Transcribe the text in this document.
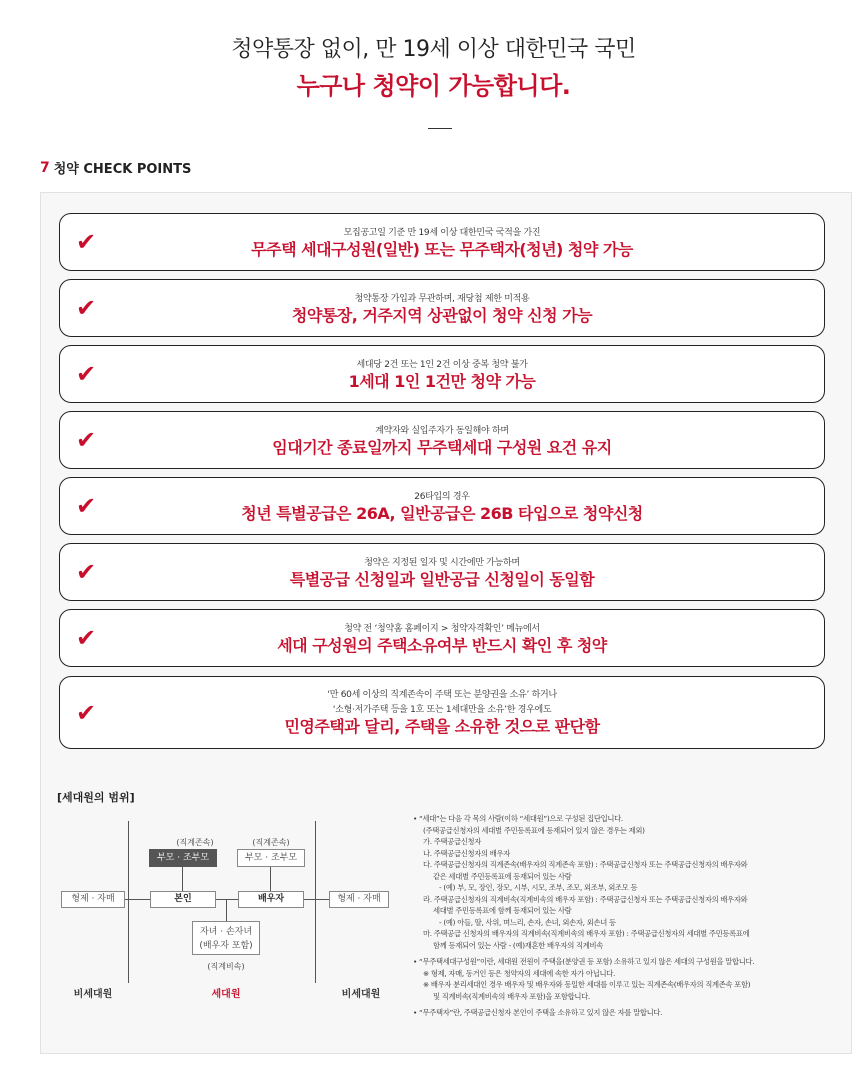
청약통장 없이, 만 19세 이상 대한민국 국민
누구나 청약이 가능합니다.
7 청약 CHECK POINTS
✔	모집공고일 기준 만 19세 이상 대한민국 국적을 가진
무주택 세대구성원(일반) 또는 무주택자(청년) 청약 가능
✔	청약통장 가입과 무관하며, 재당첨 제한 미적용
청약통장, 거주지역 상관없이 청약 신청 가능
✔	세대당 2건 또는 1인 2건 이상 중복 청약 불가
1세대 1인 1건만 청약 가능
✔	계약자와 실입주자가 동일해야 하며
임대기간 종료일까지 무주택세대 구성원 요건 유지
✔	26타입의 경우
청년 특별공급은 26A, 일반공급은 26B 타입으로 청약신청
✔	청약은 지정된 일자 및 시간에만 가능하며
특별공급 신청일과 일반공급 신청일이 동일함
✔	청약 전 ‘청약홈 홈페이지 > 청약자격확인’ 메뉴에서
세대 구성원의 주택소유여부 반드시 확인 후 청약
✔
‘만 60세 이상의 직계존속이 주택 또는 분양권을 소유’ 하거나
‘소형·저가주택 등을 1호 또는 1세대만을 소유’한 경우에도
민영주택과 달리, 주택을 소유한 것으로 판단함
[세대원의 범위]
(직계존속)	(직계존속)
부모 · 조부모	부모 · 조부모
형제 · 자매	본인	배우자	형제 · 자매
자녀 · 손자녀
(배우자 포함)
(직계비속)
비세대원	세대원	비세대원
• “세대”는 다음 각 목의 사람(이하 “세대원”)으로 구성된 집단입니다.
(주택공급신청자의 세대별 주민등록표에 등재되어 있지 않은 경우는 제외)
가. 주택공급신청자
나. 주택공급신청자의 배우자
다. 주택공급신청자의 직계존속(배우자의 직계존속 포함) : 주택공급신청자 또는 주택공급신청자의 배우자와
같은 세대별 주민등록표에 등재되어 있는 사람
- (예) 부, 모, 장인, 장모, 시부, 시모, 조부, 조모, 외조부, 외조모 등
라. 주택공급신청자의 직계비속(직계비속의 배우자 포함) : 주택공급신청자 또는 주택공급신청자의 배우자와
세대별 주민등록표에 함께 등재되어 있는 사람
- (예) 아들, 딸, 사위, 며느리, 손자, 손녀, 외손자, 외손녀 등
마. 주택공급 신청자의 배우자의 직계비속(직계비속의 배우자 포함) : 주택공급신청자의 세대별 주민등록표에
함께 등재되어 있는 사람 - (예)재혼한 배우자의 직계비속
• “무주택세대구성원”이란, 세대원 전원이 주택을(분양권 등 포함) 소유하고 있지 않은 세대의 구성원을 말합니다.
※ 형제, 자매, 동거인 등은 청약자의 세대에 속한 자가 아닙니다.
※ 배우자 분리세대인 경우 배우자 및 배우자와 동일한 세대를 이루고 있는 직계존속(배우자의 직계존속 포함)
및 직계비속(직계비속의 배우자 포함)을 포함합니다.
• “무주택자”란, 주택공급신청자 본인이 주택을 소유하고 있지 않은 자를 말합니다.
